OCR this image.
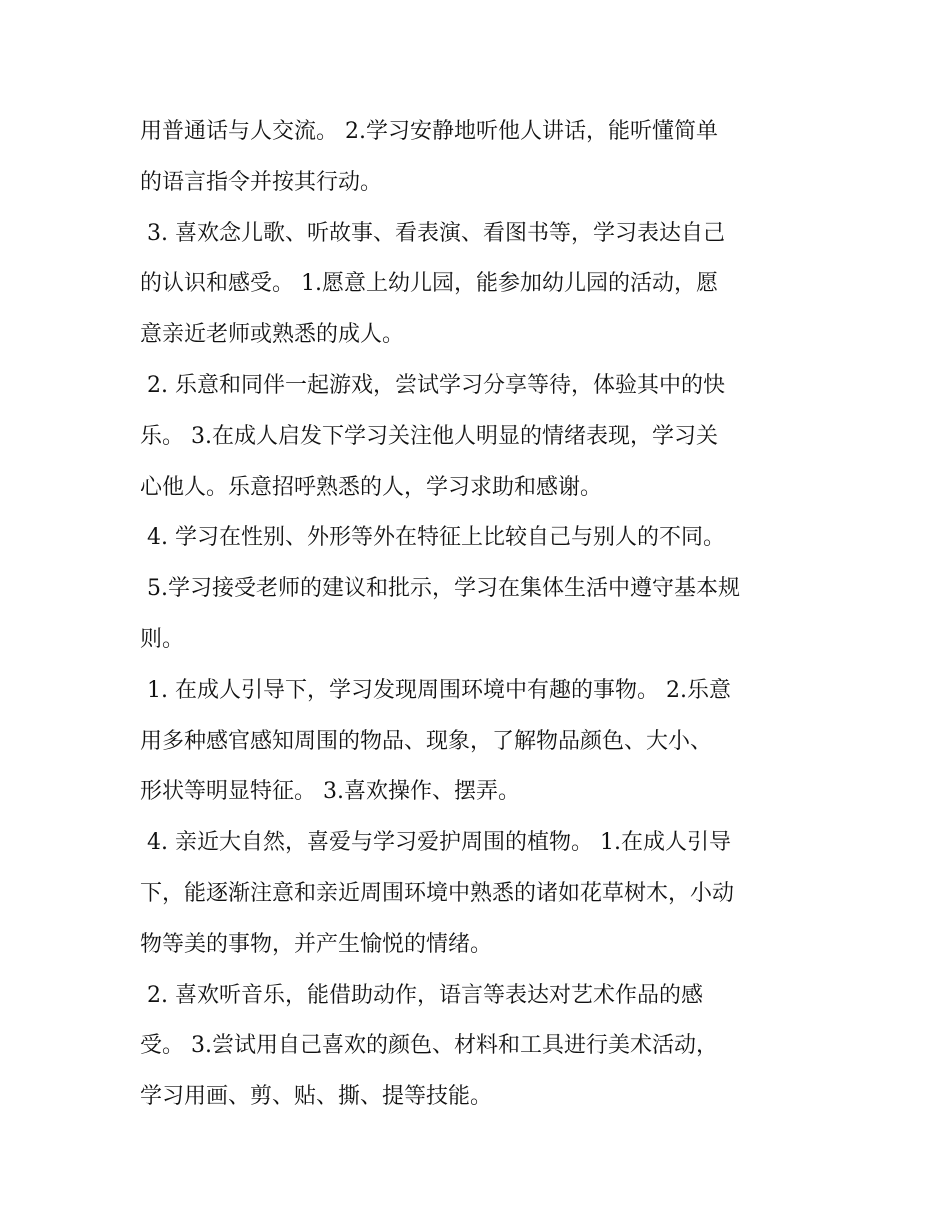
用普通话与人交流。 2.学习安静地听他人讲话，能听懂简单
的语言指令并按其行动。
3. 喜欢念儿歌、听故事、看表演、看图书等，学习表达自己
的认识和感受。 1.愿意上幼儿园，能参加幼儿园的活动，愿
意亲近老师或熟悉的成人。
2. 乐意和同伴一起游戏，尝试学习分享等待，体验其中的快
乐。 3.在成人启发下学习关注他人明显的情绪表现，学习关
心他人。乐意招呼熟悉的人，学习求助和感谢。
4. 学习在性别、外形等外在特征上比较自己与别人的不同。
5.学习接受老师的建议和批示，学习在集体生活中遵守基本规
则。
1. 在成人引导下，学习发现周围环境中有趣的事物。 2.乐意
用多种感官感知周围的物品、现象，了解物品颜色、大小、
形状等明显特征。 3.喜欢操作、摆弄。
4. 亲近大自然，喜爱与学习爱护周围的植物。 1.在成人引导
下，能逐渐注意和亲近周围环境中熟悉的诸如花草树木，小动
物等美的事物，并产生愉悦的情绪。
2. 喜欢听音乐，能借助动作，语言等表达对艺术作品的感
受。 3.尝试用自己喜欢的颜色、材料和工具进行美术活动，
学习用画、剪、贴、撕、提等技能。
